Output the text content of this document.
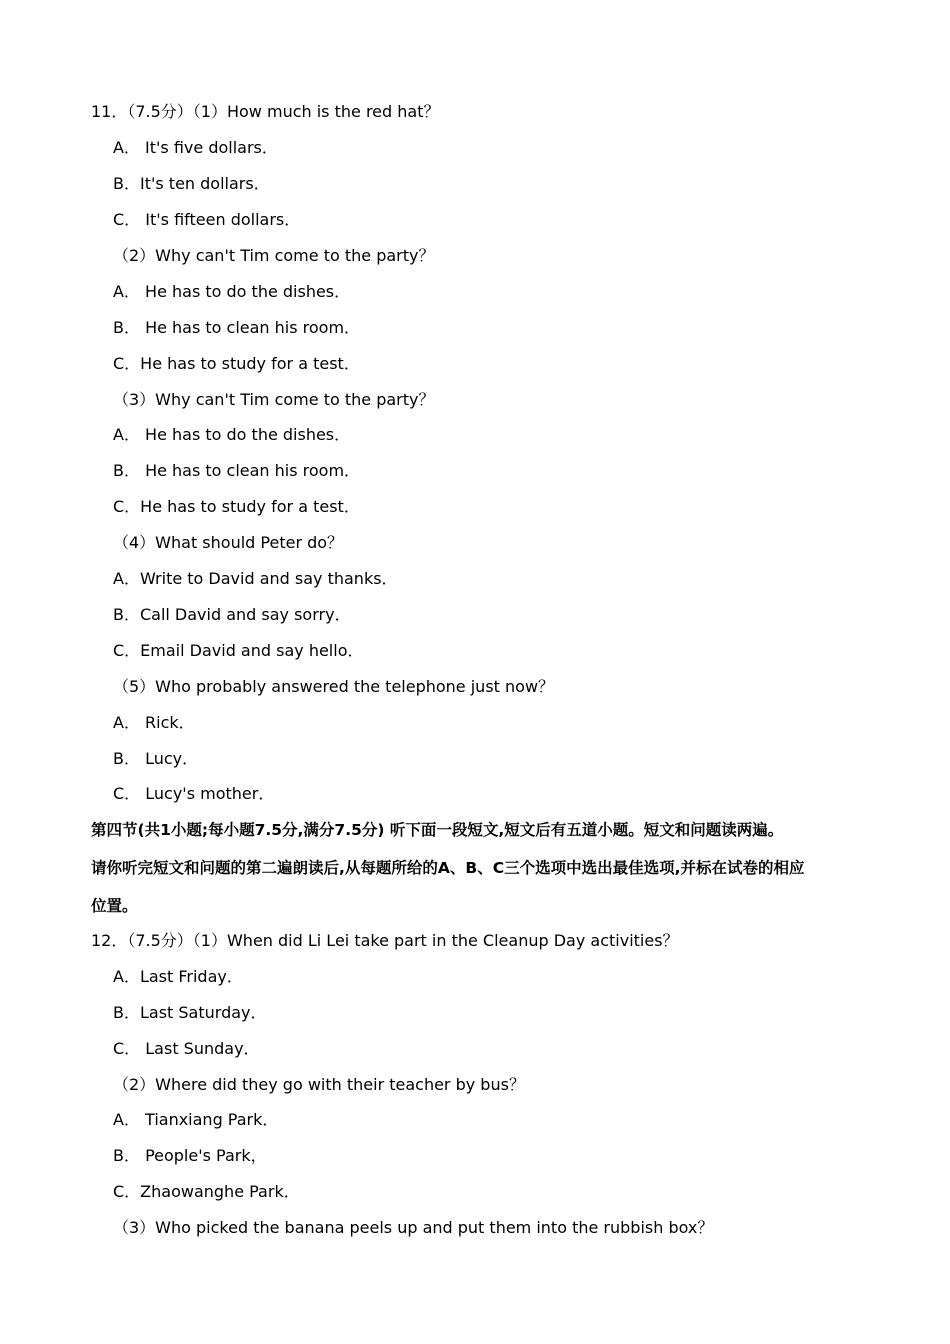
11．（7.5分）（1）How much is the red hat？
A． It's five dollars．
B．It's ten dollars．
C． It's fifteen dollars．
（2）Why can't Tim come to the party？
A． He has to do the dishes．
B． He has to clean his room．
C．He has to study for a test．
（3）Why can't Tim come to the party？
A． He has to do the dishes．
B． He has to clean his room．
C．He has to study for a test．
（4）What should Peter do？
A．Write to David and say thanks．
B．Call David and say sorry．
C．Email David and say hello．
（5）Who probably answered the telephone just now？
A． Rick．
B． Lucy．
C． Lucy's mother．
第四节(共1小题;每小题7.5分,满分7.5分) 听下面一段短文,短文后有五道小题。短文和问题读两遍。
请你听完短文和问题的第二遍朗读后,从每题所给的A、B、C三个选项中选出最佳选项,并标在试卷的相应
位置。
12．（7.5分）（1）When did Li Lei take part in the Cleanup Day activities？
A．Last Friday．
B．Last Saturday．
C． Last Sunday．
（2）Where did they go with their teacher by bus？
A． Tianxiang Park．
B． People's Park，
C．Zhaowanghe Park．
（3）Who picked the banana peels up and put them into the rubbish box？
